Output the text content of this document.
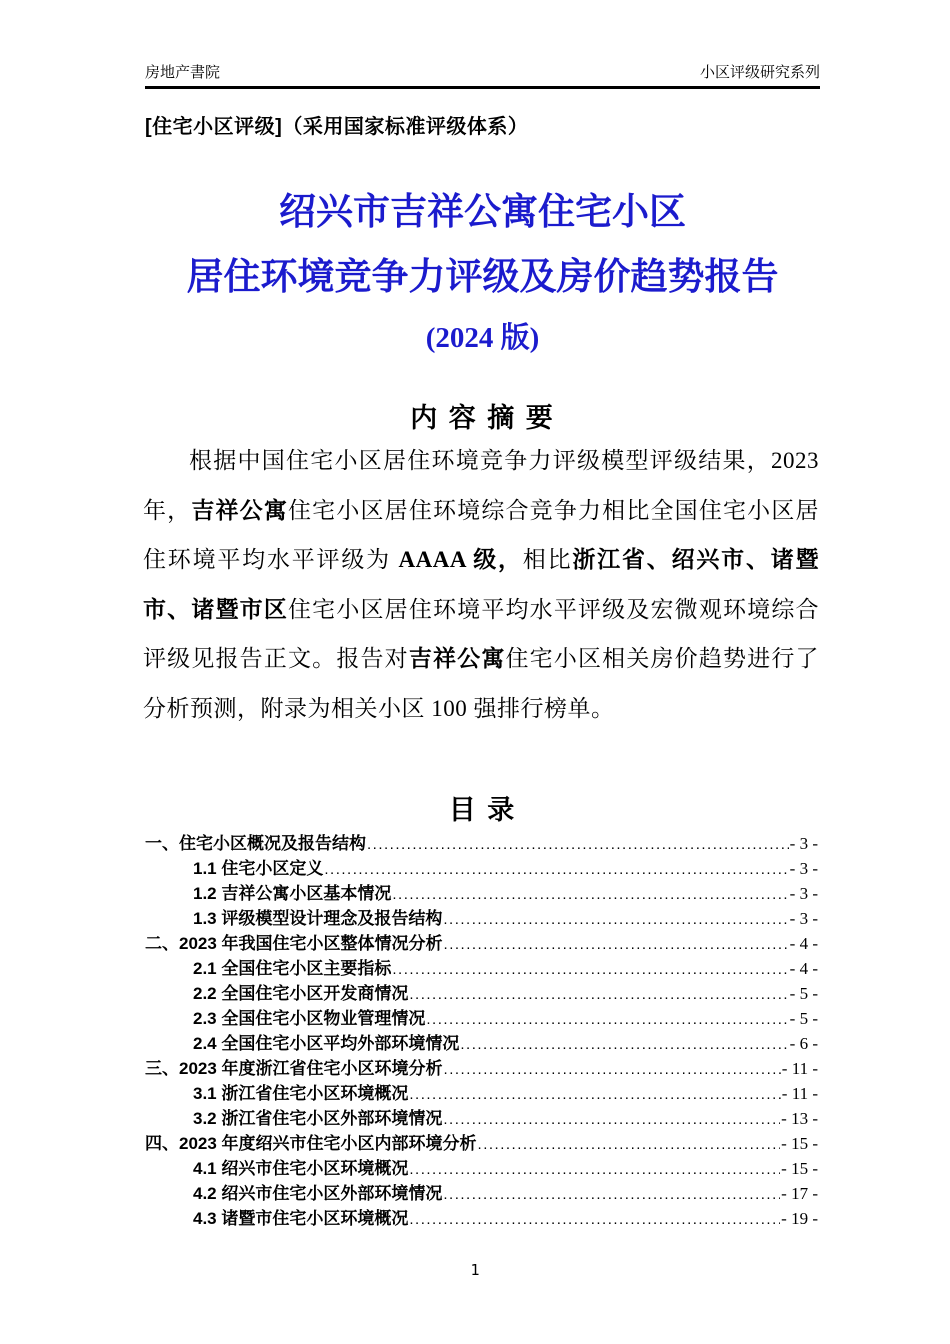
房地产書院	小区评级研究系列
[住宅小区评级]（采用国家标准评级体系）
绍兴市吉祥公寓住宅小区
居住环境竞争力评级及房价趋势报告
(2024 版)
内 容 摘 要
根据中国住宅小区居住环境竞争力评级模型评级结果，2023 年，吉祥公寓住宅小区居住环境综合竞争力相比全国住宅小区居住环境平均水平评级为 AAAA 级，相比浙江省、绍兴市、诸暨市、诸暨市区住宅小区居住环境平均水平评级及宏微观环境综合评级见报告正文。报告对吉祥公寓住宅小区相关房价趋势进行了分析预测，附录为相关小区 100 强排行榜单。
目 录
一、住宅小区概况及报告结构 .....	- 3 -
1.1 住宅小区定义 .....	- 3 -
1.2 吉祥公寓小区基本情况 .....	- 3 -
1.3 评级模型设计理念及报告结构 .....	- 3 -
二、2023 年我国住宅小区整体情况分析 .....	- 4 -
2.1 全国住宅小区主要指标 .....	- 4 -
2.2 全国住宅小区开发商情况 .....	- 5 -
2.3 全国住宅小区物业管理情况 .....	- 5 -
2.4 全国住宅小区平均外部环境情况 .....	- 6 -
三、2023 年度浙江省住宅小区环境分析 .....	- 11 -
3.1 浙江省住宅小区环境概况 .....	- 11 -
3.2 浙江省住宅小区外部环境情况 .....	- 13 -
四、2023 年度绍兴市住宅小区内部环境分析 .....	- 15 -
4.1 绍兴市住宅小区环境概况 .....	- 15 -
4.2 绍兴市住宅小区外部环境情况 .....	- 17 -
4.3 诸暨市住宅小区环境概况 .....	- 19 -
1
